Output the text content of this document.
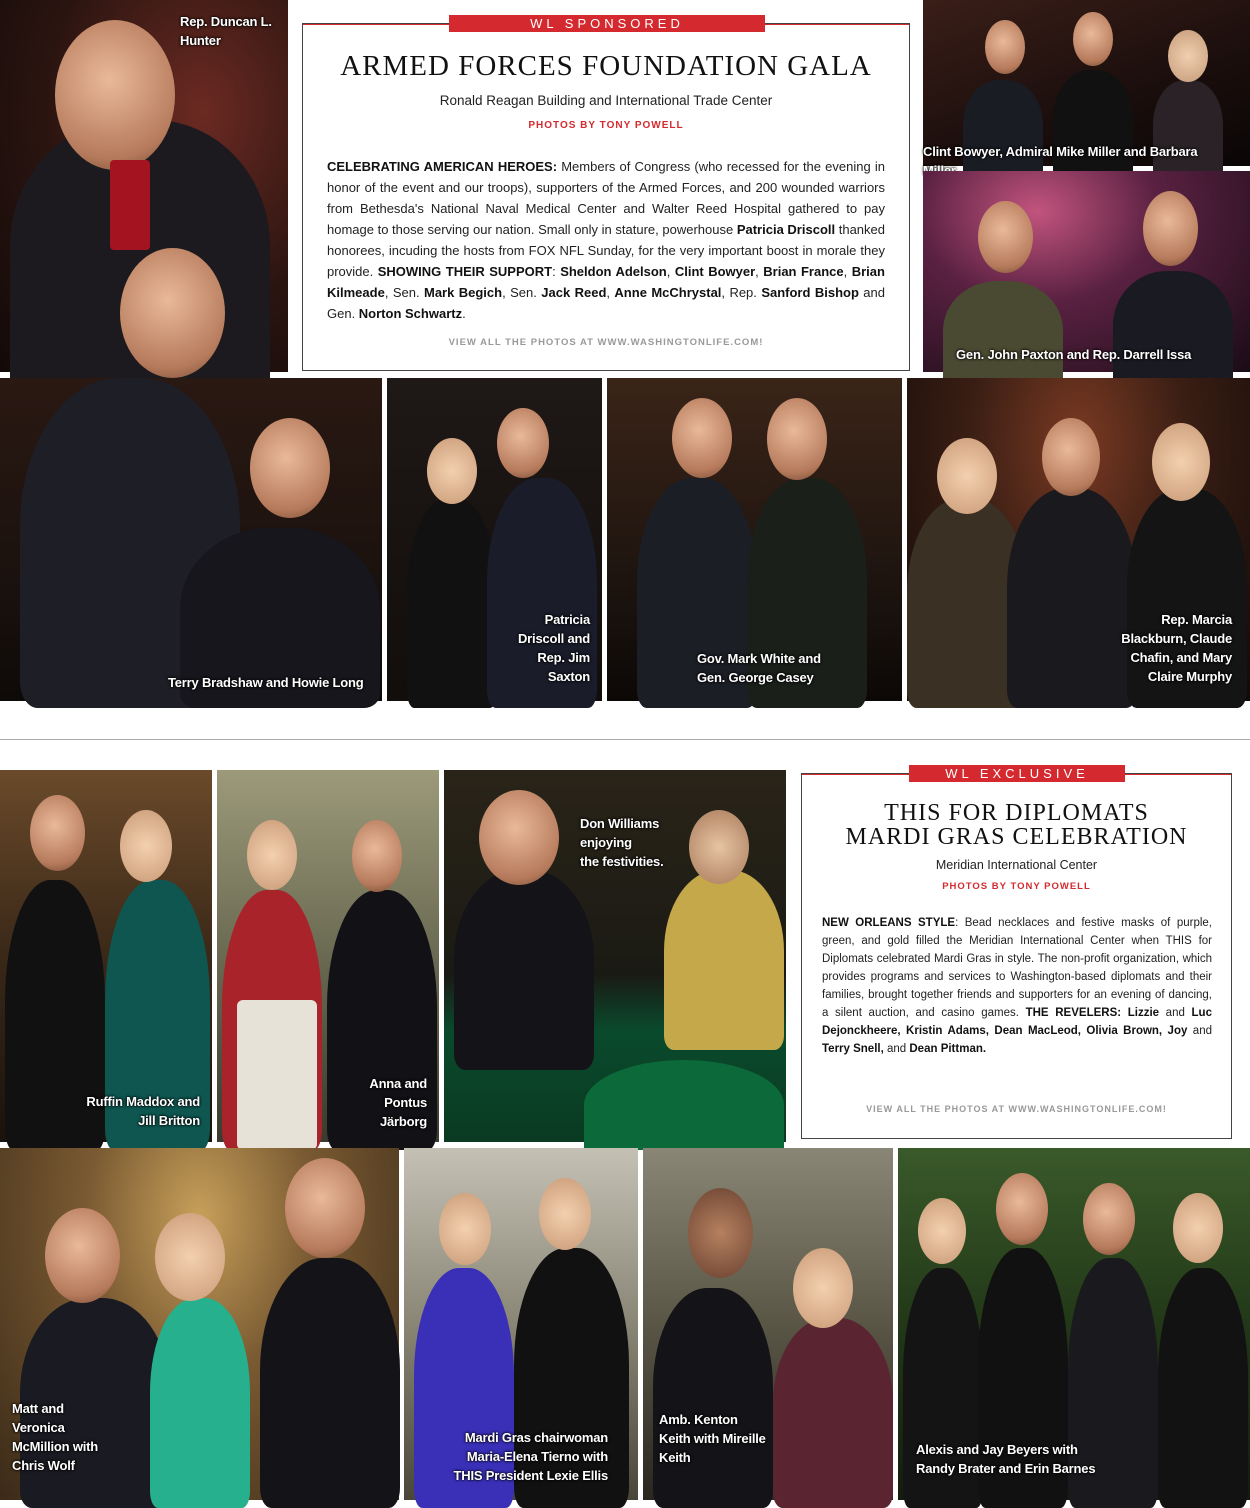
Rep. Duncan L.
Hunter
Clint Bowyer, Admiral Mike Miller and Barbara
Gen. John Paxton and Rep. Darrell Issa
Terry Bradshaw and Howie Long
Patricia
Driscoll and
Rep. Jim
Saxton
Gov. Mark White and
Gen. George Casey
Rep. Marcia
Blackburn, Claude
Chafin, and Mary
Claire Murphy
WL SPONSORED
ARMED FORCES FOUNDATION GALA
Ronald Reagan Building and International Trade Center
PHOTOS BY TONY POWELL
CELEBRATING AMERICAN HEROES: Members of Congress (who recessed for the evening in honor of the event and our troops), supporters of the Armed Forces, and 200 wounded warriors from Bethesda's National Naval Medical Center and Walter Reed Hospital gathered to pay homage to those serving our nation. Small only in stature, powerhouse Patricia Driscoll thanked honorees, incuding the hosts from FOX NFL Sunday, for the very important boost in morale they provide. SHOWING THEIR SUPPORT: Sheldon Adelson, Clint Bowyer, Brian France, Brian Kilmeade, Sen. Mark Begich, Sen. Jack Reed, Anne McChrystal, Rep. Sanford Bishop and Gen. Norton Schwartz.
VIEW ALL THE PHOTOS AT WWW.WASHINGTONLIFE.COM!
Ruffin Maddox and
Jill Britton
Anna and
Pontus
Järborg
Don Williams
enjoying
the festivities.
Matt and
Veronica
McMillion with
Chris Wolf
Mardi Gras chairwoman
Maria-Elena Tierno with
THIS President Lexie Ellis
Amb. Kenton
Keith with Mireille
Keith
Alexis and Jay Beyers with
Randy Brater and Erin Barnes
WL EXCLUSIVE
THIS FOR DIPLOMATS
MARDI GRAS CELEBRATION
Meridian International Center
PHOTOS BY TONY POWELL
NEW ORLEANS STYLE: Bead necklaces and festive masks of purple, green, and gold filled the Meridian International Center when THIS for Diplomats celebrated Mardi Gras in style. The non-profit organization, which provides programs and services to Washington-based diplomats and their families, brought together friends and supporters for an evening of dancing, a silent auction, and casino games. THE REVELERS: Lizzie and Luc Dejonckheere, Kristin Adams, Dean MacLeod, Olivia Brown, Joy and Terry Snell, and Dean Pittman.
VIEW ALL THE PHOTOS AT WWW.WASHINGTONLIFE.COM!
